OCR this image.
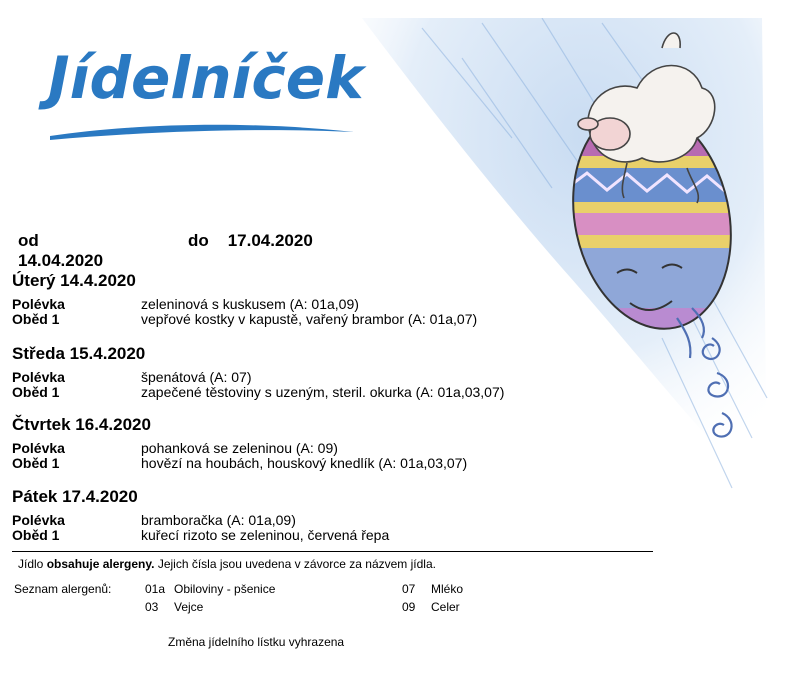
Jídelníček
od    14.04.2020
do 17.04.2020
Úterý 14.4.2020
Polévka	zeleninová s kuskusem (A: 01a,09)
Oběd 1	vepřové kostky v kapustě, vařený brambor (A: 01a,07)
Středa 15.4.2020
Polévka	špenátová (A: 07)
Oběd 1	zapečené těstoviny s uzeným, steril. okurka (A: 01a,03,07)
Čtvrtek 16.4.2020
Polévka	pohanková se zeleninou (A: 09)
Oběd 1	hovězí na houbách, houskový knedlík (A: 01a,03,07)
Pátek 17.4.2020
Polévka	bramboračka (A: 01a,09)
Oběd 1	kuřecí rizoto se zeleninou, červená řepa
Jídlo obsahuje alergeny. Jejich čísla jsou uvedena v závorce za názvem jídla.
Seznam alergenů:	01a Obiloviny - pšenice
03 Vejce
07 Mléko
09 Celer
Změna jídelního lístku vyhrazena
